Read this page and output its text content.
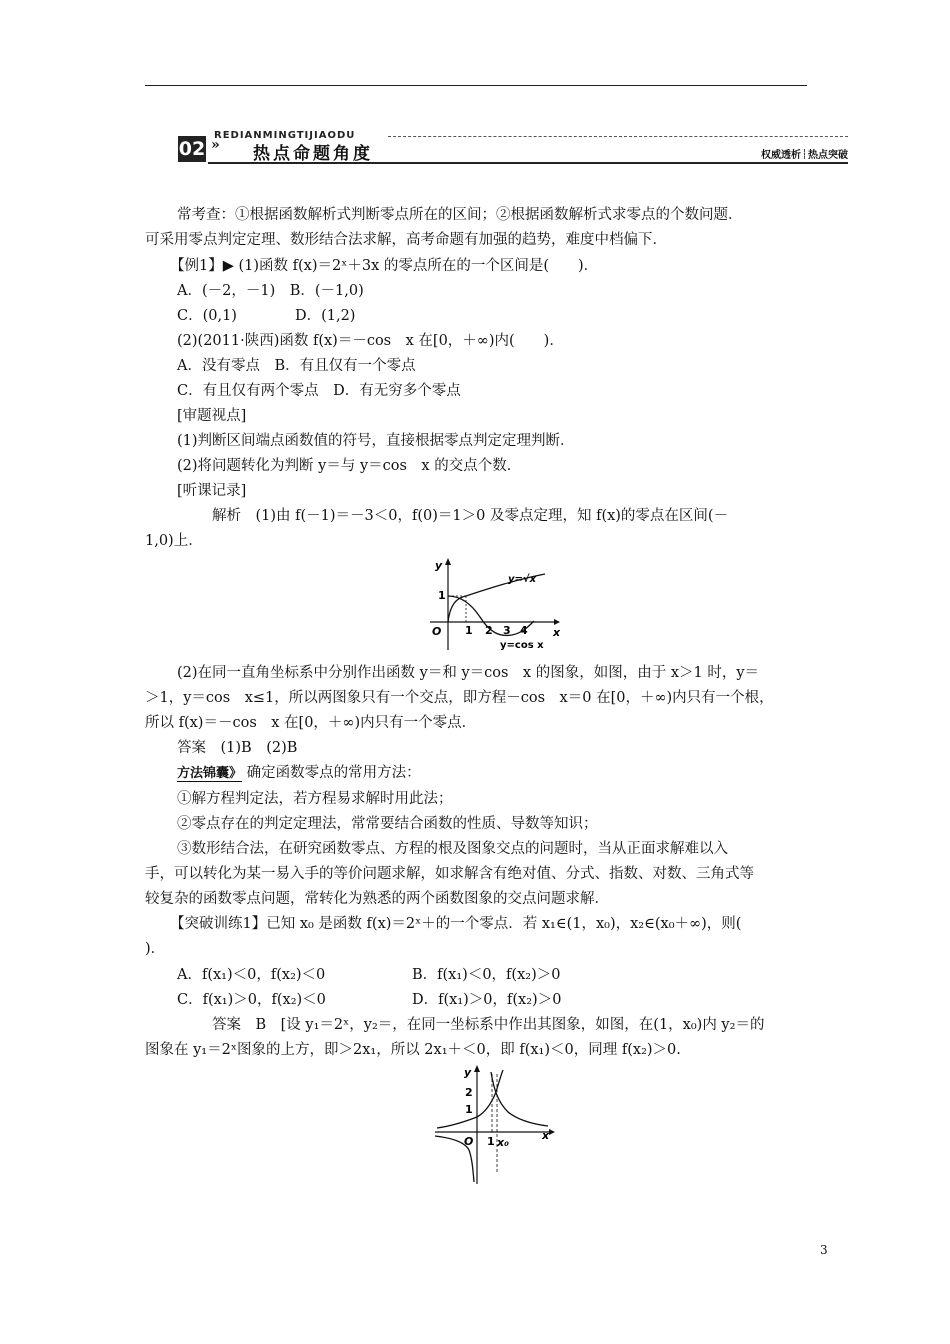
REDIANMINGTIJIAODU
02 » 热点命题角度	权威透析 热点突破
常考查：①根据函数解析式判断零点所在的区间；②根据函数解析式求零点的个数问题．
可采用零点判定定理、数形结合法求解，高考命题有加强的趋势，难度中档偏下．
【例1】▶ (1)函数 f(x)＝2ˣ＋3x 的零点所在的一个区间是(　　)．
A．(－2，－1)　B．(－1,0)
C．(0,1)　　　　D．(1,2)
(2)(2011·陕西)函数 f(x)＝－cos　x 在[0，＋∞)内(　　)．
A．没有零点　B．有且仅有一个零点
C．有且仅有两个零点　D．有无穷多个零点
[审题视点]
(1)判断区间端点函数值的符号，直接根据零点判定定理判断．
(2)将问题转化为判断 y＝与 y＝cos　x 的交点个数．
[听课记录]
解析　(1)由 f(－1)＝－3＜0，f(0)＝1＞0 及零点定理，知 f(x)的零点在区间(－
1,0)上．
y
x
O
1
1 2 3 4
y=√x
y=cos x
(2)在同一直角坐标系中分别作出函数 y＝和 y＝cos　x 的图象，如图，由于 x＞1 时，y＝
＞1，y＝cos　x≤1，所以两图象只有一个交点，即方程－cos　x＝0 在[0，＋∞)内只有一个根，
所以 f(x)＝－cos　x 在[0，＋∞)内只有一个零点．
答案　(1)B　(2)B
方法锦囊》 确定函数零点的常用方法：
①解方程判定法，若方程易求解时用此法；
②零点存在的判定定理法，常常要结合函数的性质、导数等知识；
③数形结合法，在研究函数零点、方程的根及图象交点的问题时，当从正面求解难以入
手，可以转化为某一易入手的等价问题求解，如求解含有绝对值、分式、指数、对数、三角式等
较复杂的函数零点问题，常转化为熟悉的两个函数图象的交点问题求解．
【突破训练1】已知 x₀ 是函数 f(x)＝2ˣ＋的一个零点．若 x₁∈(1，x₀)，x₂∈(x₀＋∞)，则(
)．
A．f(x₁)＜0，f(x₂)＜0	B．f(x₁)＜0，f(x₂)＞0
C．f(x₁)＞0，f(x₂)＜0	D．f(x₁)＞0，f(x₂)＞0
答案　B　[设 y₁＝2ˣ，y₂＝，在同一坐标系中作出其图象，如图，在(1，x₀)内 y₂＝的
图象在 y₁＝2ˣ图象的上方，即＞2x₁，所以 2x₁＋＜0，即 f(x₁)＜0，同理 f(x₂)＞0.
y
x
O
2
1
1 x₀
3
